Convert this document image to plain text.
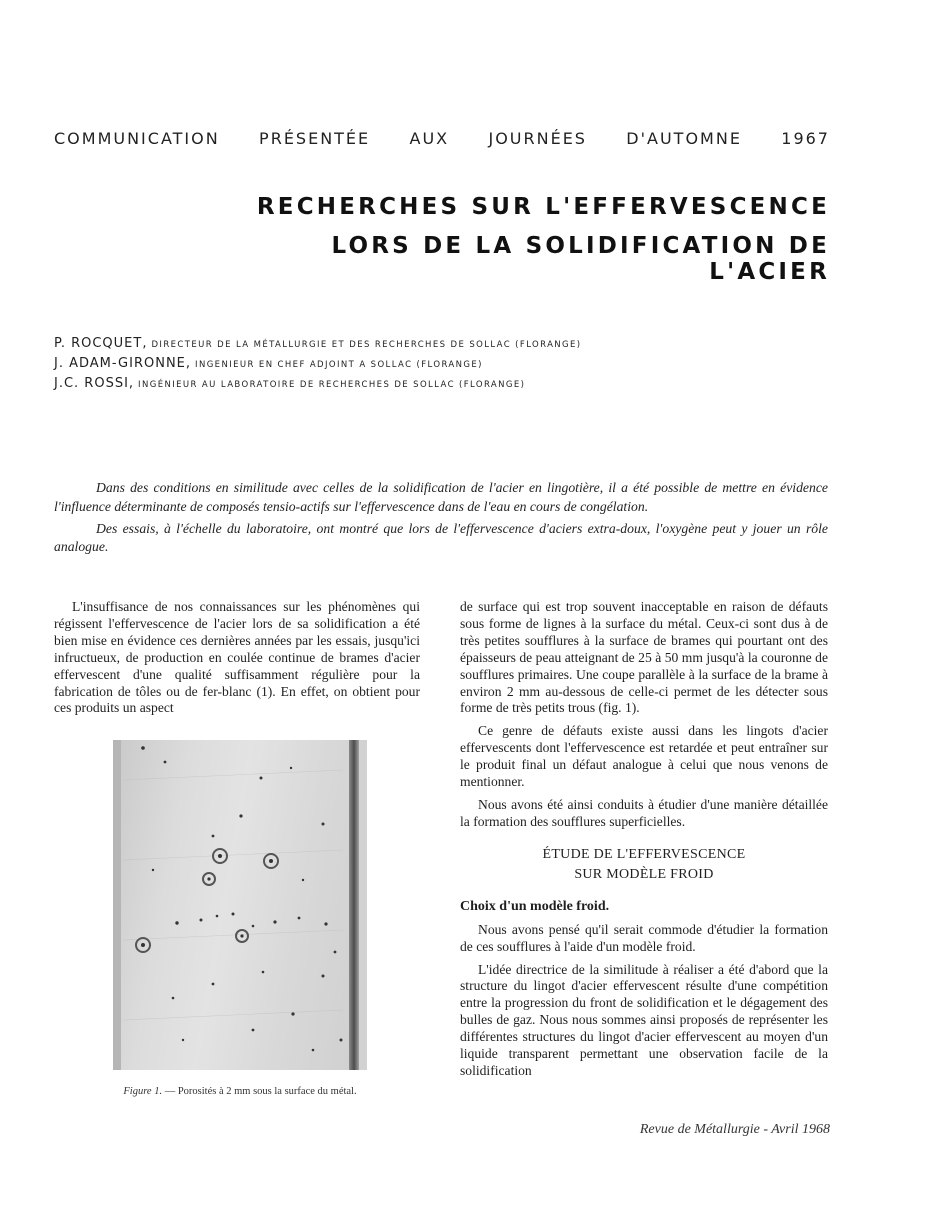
COMMUNICATION PRÉSENTÉE AUX JOURNÉES D'AUTOMNE 1967
RECHERCHES SUR L'EFFERVESCENCE
LORS DE LA SOLIDIFICATION DE L'ACIER
P. ROCQUET, DIRECTEUR DE LA MÉTALLURGIE ET DES RECHERCHES DE SOLLAC (FLORANGE)
J. ADAM-GIRONNE, INGENIEUR EN CHEF ADJOINT A SOLLAC (FLORANGE)
J.C. ROSSI, INGÉNIEUR AU LABORATOIRE DE RECHERCHES DE SOLLAC (FLORANGE)

Dans des conditions en similitude avec celles de la solidification de l'acier en lingotière, il a été possible de mettre en évidence l'influence déterminante de composés tensio-actifs sur l'effervescence dans de l'eau en cours de congélation.

Des essais, à l'échelle du laboratoire, ont montré que lors de l'effervescence d'aciers extra-doux, l'oxygène peut y jouer un rôle analogue.

L'insuffisance de nos connaissances sur les phénomènes qui régissent l'effervescence de l'acier lors de sa solidification a été bien mise en évidence ces dernières années par les essais, jusqu'ici infructueux, de production en coulée continue de brames d'acier effervescent d'une qualité suffisamment régulière pour la fabrication de tôles ou de fer-blanc (1). En effet, on obtient pour ces produits un aspect

Figure 1. — Porosités à 2 mm sous la surface du métal.

de surface qui est trop souvent inacceptable en raison de défauts sous forme de lignes à la surface du métal. Ceux-ci sont dus à de très petites soufflures à la surface de brames qui pourtant ont des épaisseurs de peau atteignant de 25 à 50 mm jusqu'à la couronne de soufflures primaires. Une coupe parallèle à la surface de la brame à environ 2 mm au-dessous de celle-ci permet de les détecter sous forme de très petits trous (fig. 1).

Ce genre de défauts existe aussi dans les lingots d'acier effervescents dont l'effervescence est retardée et peut entraîner sur le produit final un défaut analogue à celui que nous venons de mentionner.

Nous avons été ainsi conduits à étudier d'une manière détaillée la formation des soufflures superficielles.

ÉTUDE DE L'EFFERVESCENCE
SUR MODÈLE FROID

Choix d'un modèle froid.

Nous avons pensé qu'il serait commode d'étudier la formation de ces soufflures à l'aide d'un modèle froid.

L'idée directrice de la similitude à réaliser a été d'abord que la structure du lingot d'acier effervescent résulte d'une compétition entre la progression du front de solidification et le dégagement des bulles de gaz. Nous nous sommes ainsi proposés de représenter les différentes structures du lingot d'acier effervescent au moyen d'un liquide transparent permettant une observation facile de la solidification

Revue de Métallurgie - Avril 1968
